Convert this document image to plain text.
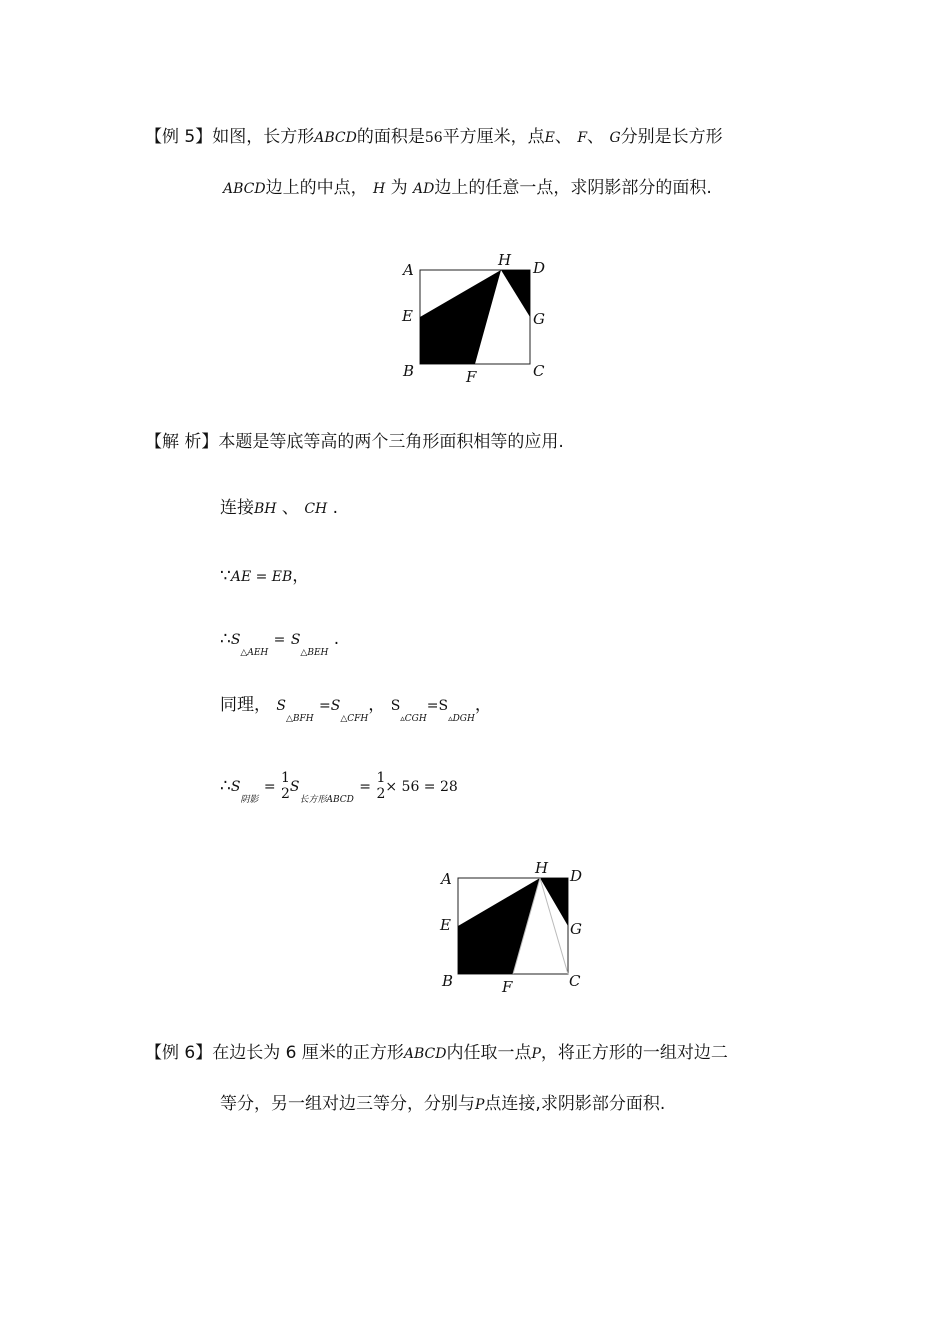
【例 5】如图，长方形ABCD的面积是56平方厘米，点E、 F、 G分别是长方形
ABCD边上的中点， H 为 AD边上的任意一点，求阴影部分的面积.
A
H D
E	G
B	F	C
【解 析】本题是等底等高的两个三角形面积相等的应用.
连接BH 、 CH .
∵AE = EB，
$\therefore S_{\triangle AEH} = S_{\triangle BEH}$ .
同理， $S_{\triangle BFH} =S_{\triangle CFH}$， $S_{▵CGH}=S_{▵DGH}$，
$\therefore S_{阴影}$ =
1
2 $S_{长方形ABCD}$ =
1
2 × 56 = 28
A
H D
E	G
B	F	C
【例 6】在边长为 6 厘米的正方形ABCD内任取一点P，将正方形的一组对边二
等分，另一组对边三等分，分别与P点连接,求阴影部分面积.
